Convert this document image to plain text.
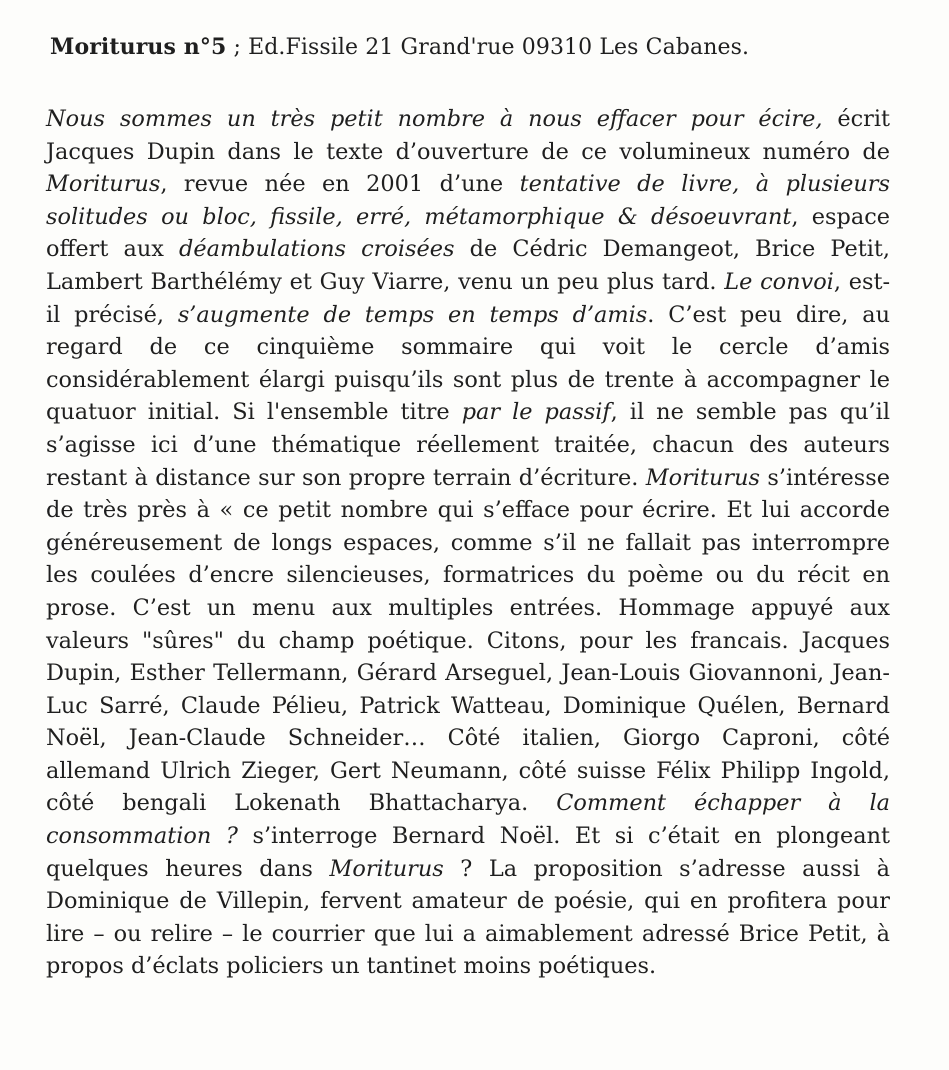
Moriturus n°5 ; Ed.Fissile 21 Grand'rue 09310 Les Cabanes.
Nous sommes un très petit nombre à nous effacer pour écire, écrit Jacques Dupin dans le texte d’ouverture de ce volumineux numéro de Moriturus, revue née en 2001 d’une tentative de livre, à plusieurs solitudes ou bloc, fissile, erré, métamorphique & désoeuvrant, espace offert aux déambulations croisées de Cédric Demangeot, Brice Petit, Lambert Barthélémy et Guy Viarre, venu un peu plus tard. Le convoi, est-il précisé, s’augmente de temps en temps d’amis. C’est peu dire, au regard de ce cinquième sommaire qui voit le cercle d’amis considérablement élargi puisqu’ils sont plus de trente à accompagner le quatuor initial. Si l'ensemble titre par le passif, il ne semble pas qu’il s’agisse ici d’une thématique réellement traitée, chacun des auteurs restant à distance sur son propre terrain d’écriture. Moriturus s’intéresse de très près à « ce petit nombre qui s’efface pour écrire. Et lui accorde généreusement de longs espaces, comme s’il ne fallait pas interrompre les coulées d’encre silencieuses, formatrices du poème ou du récit en prose. C’est un menu aux multiples entrées. Hommage appuyé aux valeurs "sûres" du champ poétique. Citons, pour les francais. Jacques Dupin, Esther Tellermann, Gérard Arseguel, Jean-Louis Giovannoni, Jean-Luc Sarré, Claude Pélieu, Patrick Watteau, Dominique Quélen, Bernard Noël, Jean-Claude Schneider… Côté italien, Giorgo Caproni, côté allemand Ulrich Zieger, Gert Neumann, côté suisse Félix Philipp Ingold, côté bengali Lokenath Bhattacharya. Comment échapper à la consommation ? s’interroge Bernard Noël. Et si c’était en plongeant quelques heures dans Moriturus ? La proposition s’adresse aussi à Dominique de Villepin, fervent amateur de poésie, qui en profitera pour lire – ou relire – le courrier que lui a aimablement adressé Brice Petit, à propos d’éclats policiers un tantinet moins poétiques.
